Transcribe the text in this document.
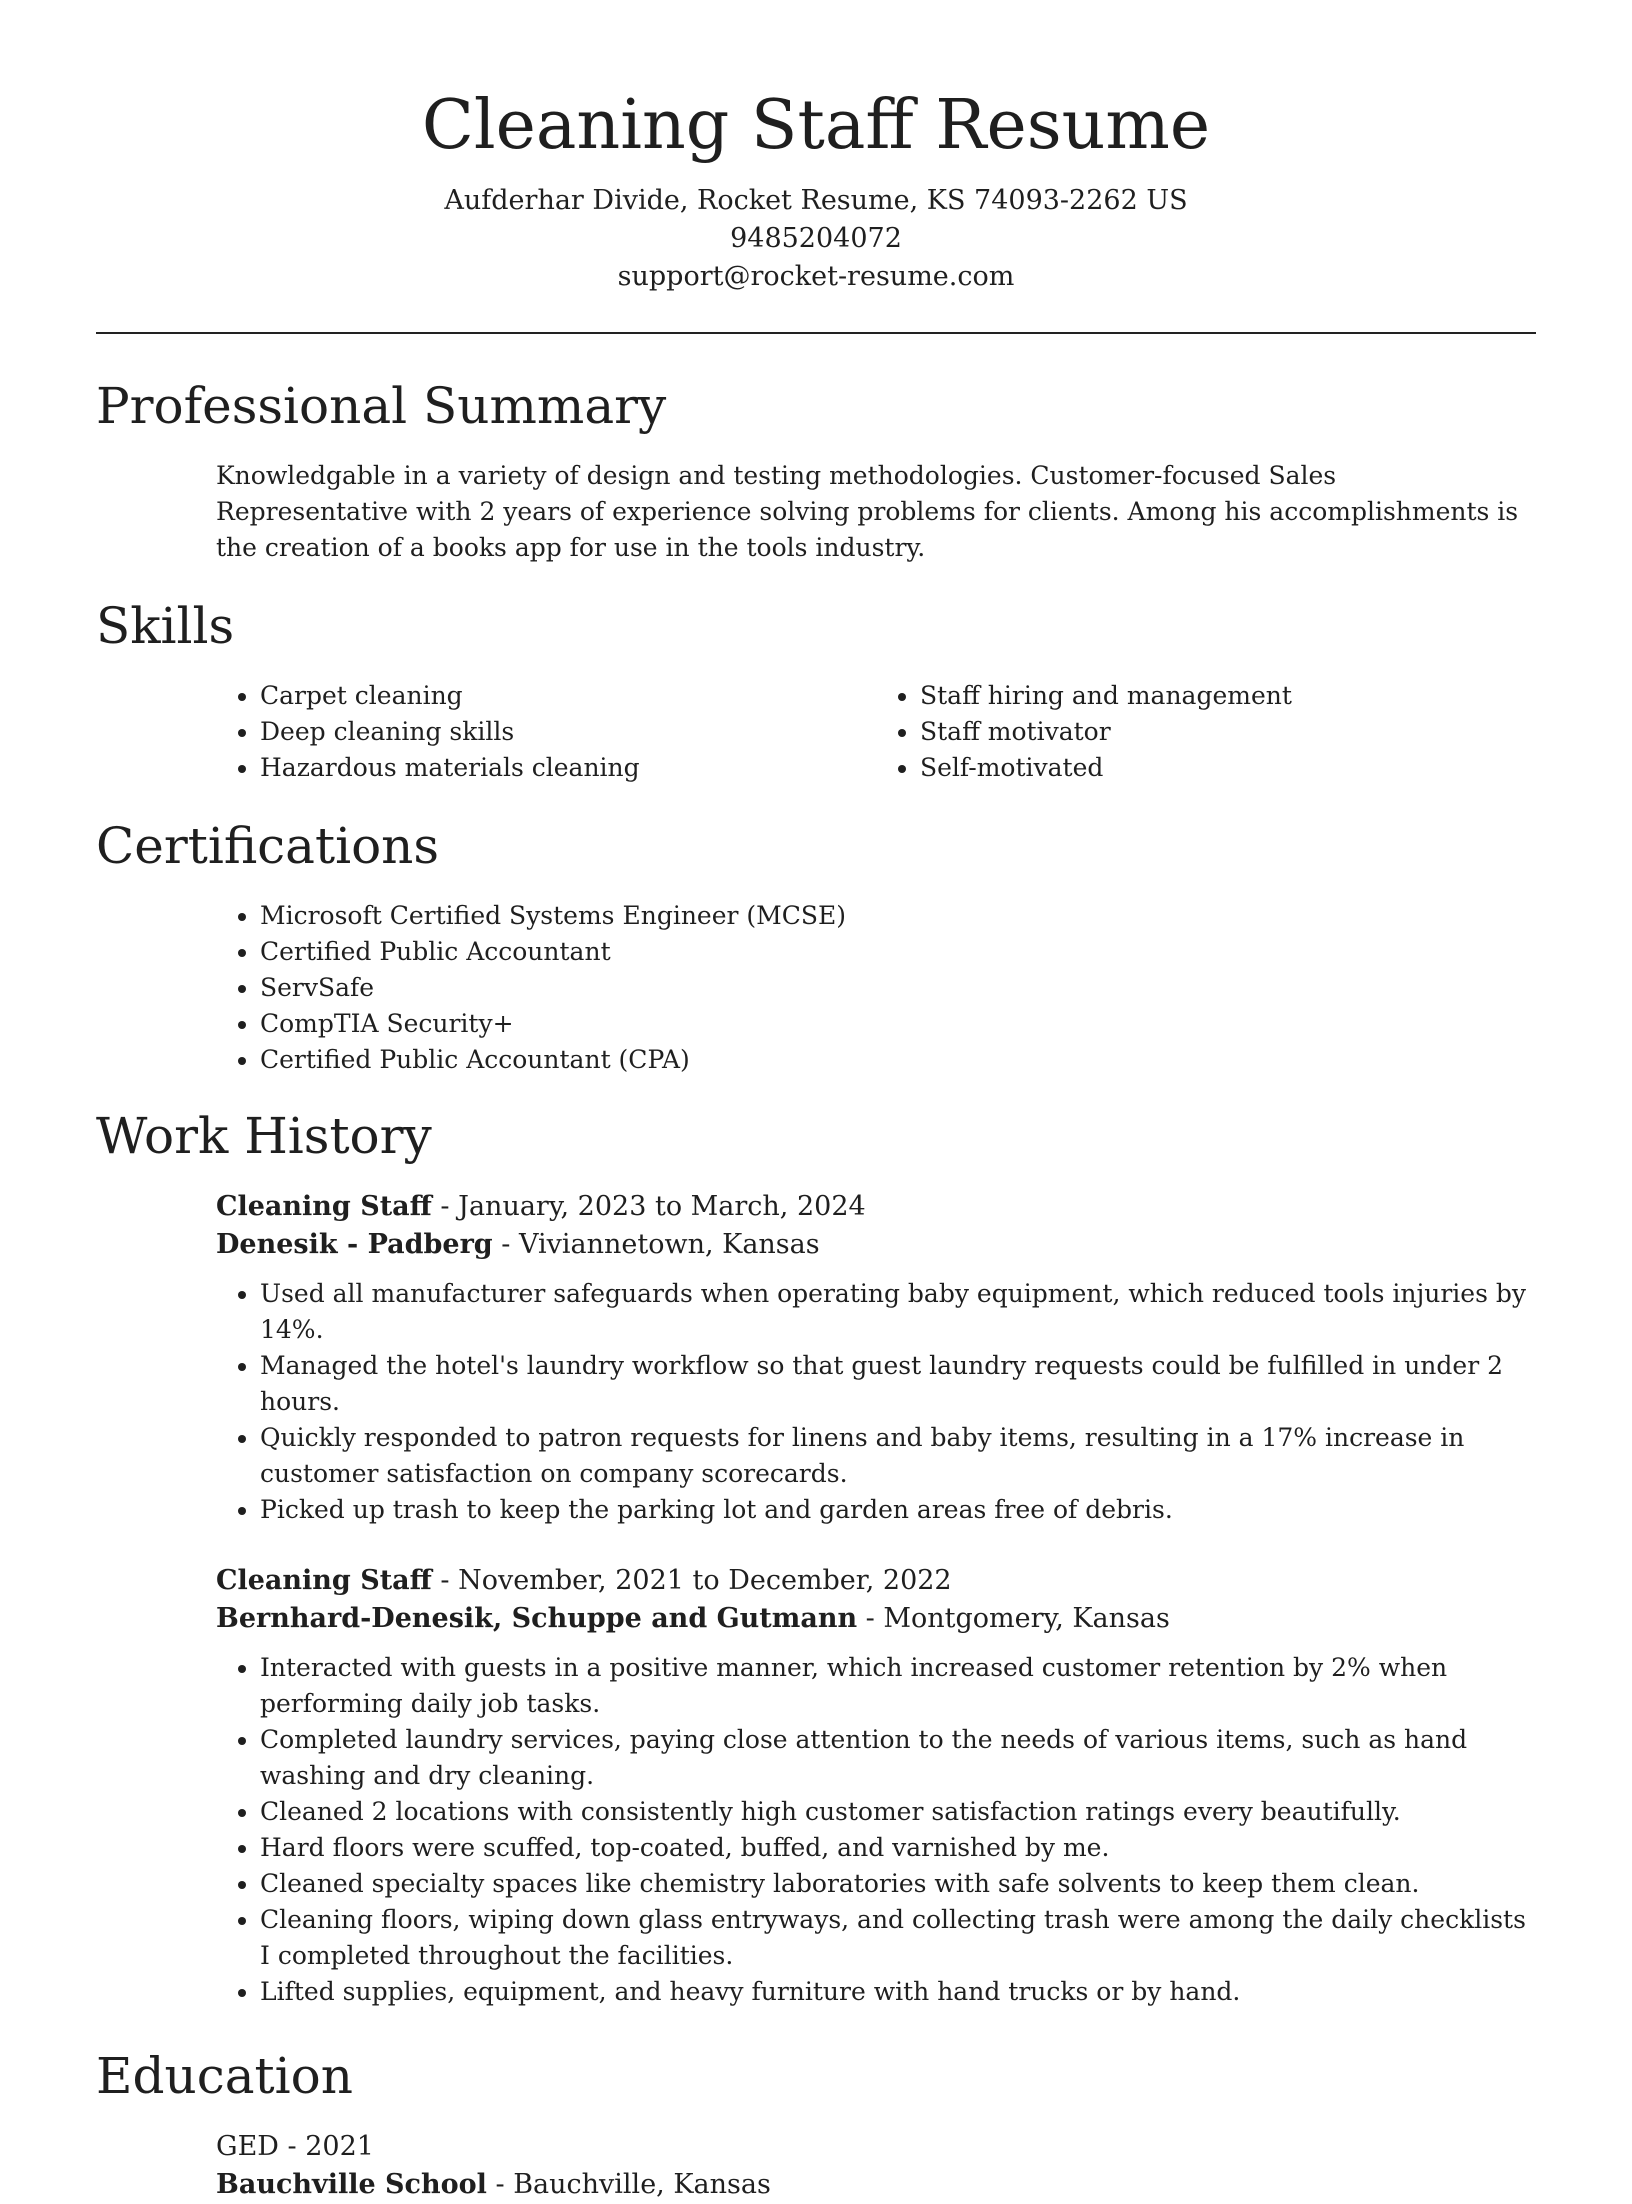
Cleaning Staff Resume

Aufderhar Divide, Rocket Resume, KS 74093-2262 US

9485204072

support@rocket-resume.com

Professional Summary

Knowledgable in a variety of design and testing methodologies. Customer-focused Sales Representative with 2 years of experience solving problems for clients. Among his accomplishments is the creation of a books app for use in the tools industry.

Skills
• Carpet cleaning
• Deep cleaning skills
• Hazardous materials cleaning
• Staff hiring and management
• Staff motivator
• Self-motivated
Certifications
• Microsoft Certified Systems Engineer (MCSE)
• Certified Public Accountant
• ServSafe
• CompTIA Security+
• Certified Public Accountant (CPA)
Work History

Cleaning Staff - January, 2023 to March, 2024

Denesik - Padberg - Viviannetown, Kansas

• Used all manufacturer safeguards when operating baby equipment, which reduced tools injuries by 14%.
• Managed the hotel's laundry workflow so that guest laundry requests could be fulfilled in under 2 hours.
• Quickly responded to patron requests for linens and baby items, resulting in a 17% increase in customer satisfaction on company scorecards.
• Picked up trash to keep the parking lot and garden areas free of debris.

Cleaning Staff - November, 2021 to December, 2022

Bernhard-Denesik, Schuppe and Gutmann - Montgomery, Kansas

• Interacted with guests in a positive manner, which increased customer retention by 2% when performing daily job tasks.
• Completed laundry services, paying close attention to the needs of various items, such as hand washing and dry cleaning.
• Cleaned 2 locations with consistently high customer satisfaction ratings every beautifully.
• Hard floors were scuffed, top-coated, buffed, and varnished by me.
• Cleaned specialty spaces like chemistry laboratories with safe solvents to keep them clean.
• Cleaning floors, wiping down glass entryways, and collecting trash were among the daily checklists I completed throughout the facilities.
• Lifted supplies, equipment, and heavy furniture with hand trucks or by hand.
Education

GED - 2021

Bauchville School - Bauchville, Kansas
